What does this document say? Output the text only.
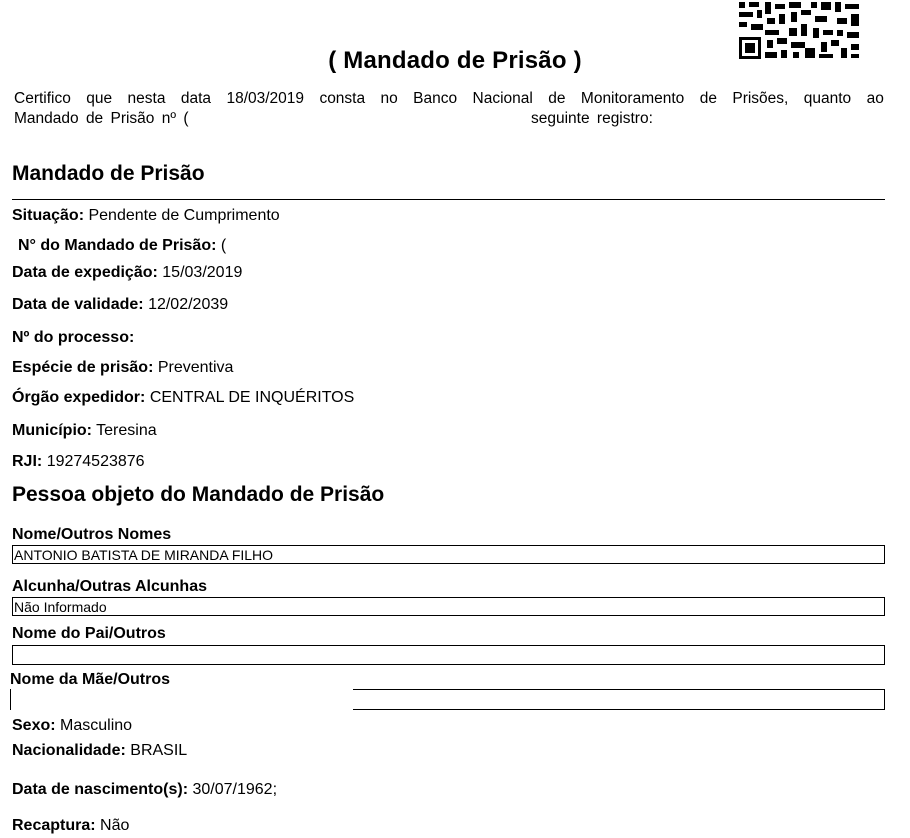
( Mandado de Prisão )
Certifico que nesta data 18/03/2019 consta no Banco Nacional de Monitoramento de Prisões, quanto ao
Mandado de Prisão nº (	seguinte registro:
Mandado de Prisão
Situação: Pendente de Cumprimento
N° do Mandado de Prisão: (
Data de expedição: 15/03/2019
Data de validade: 12/02/2039
Nº do processo:
Espécie de prisão: Preventiva
Órgão expedidor: CENTRAL DE INQUÉRITOS
Município: Teresina
RJI: 19274523876
Pessoa objeto do Mandado de Prisão
Nome/Outros Nomes
ANTONIO BATISTA DE MIRANDA FILHO
Alcunha/Outras Alcunhas
Não Informado
Nome do Pai/Outros
Nome da Mãe/Outros
Sexo: Masculino
Nacionalidade: BRASIL
Data de nascimento(s): 30/07/1962;
Recaptura: Não
